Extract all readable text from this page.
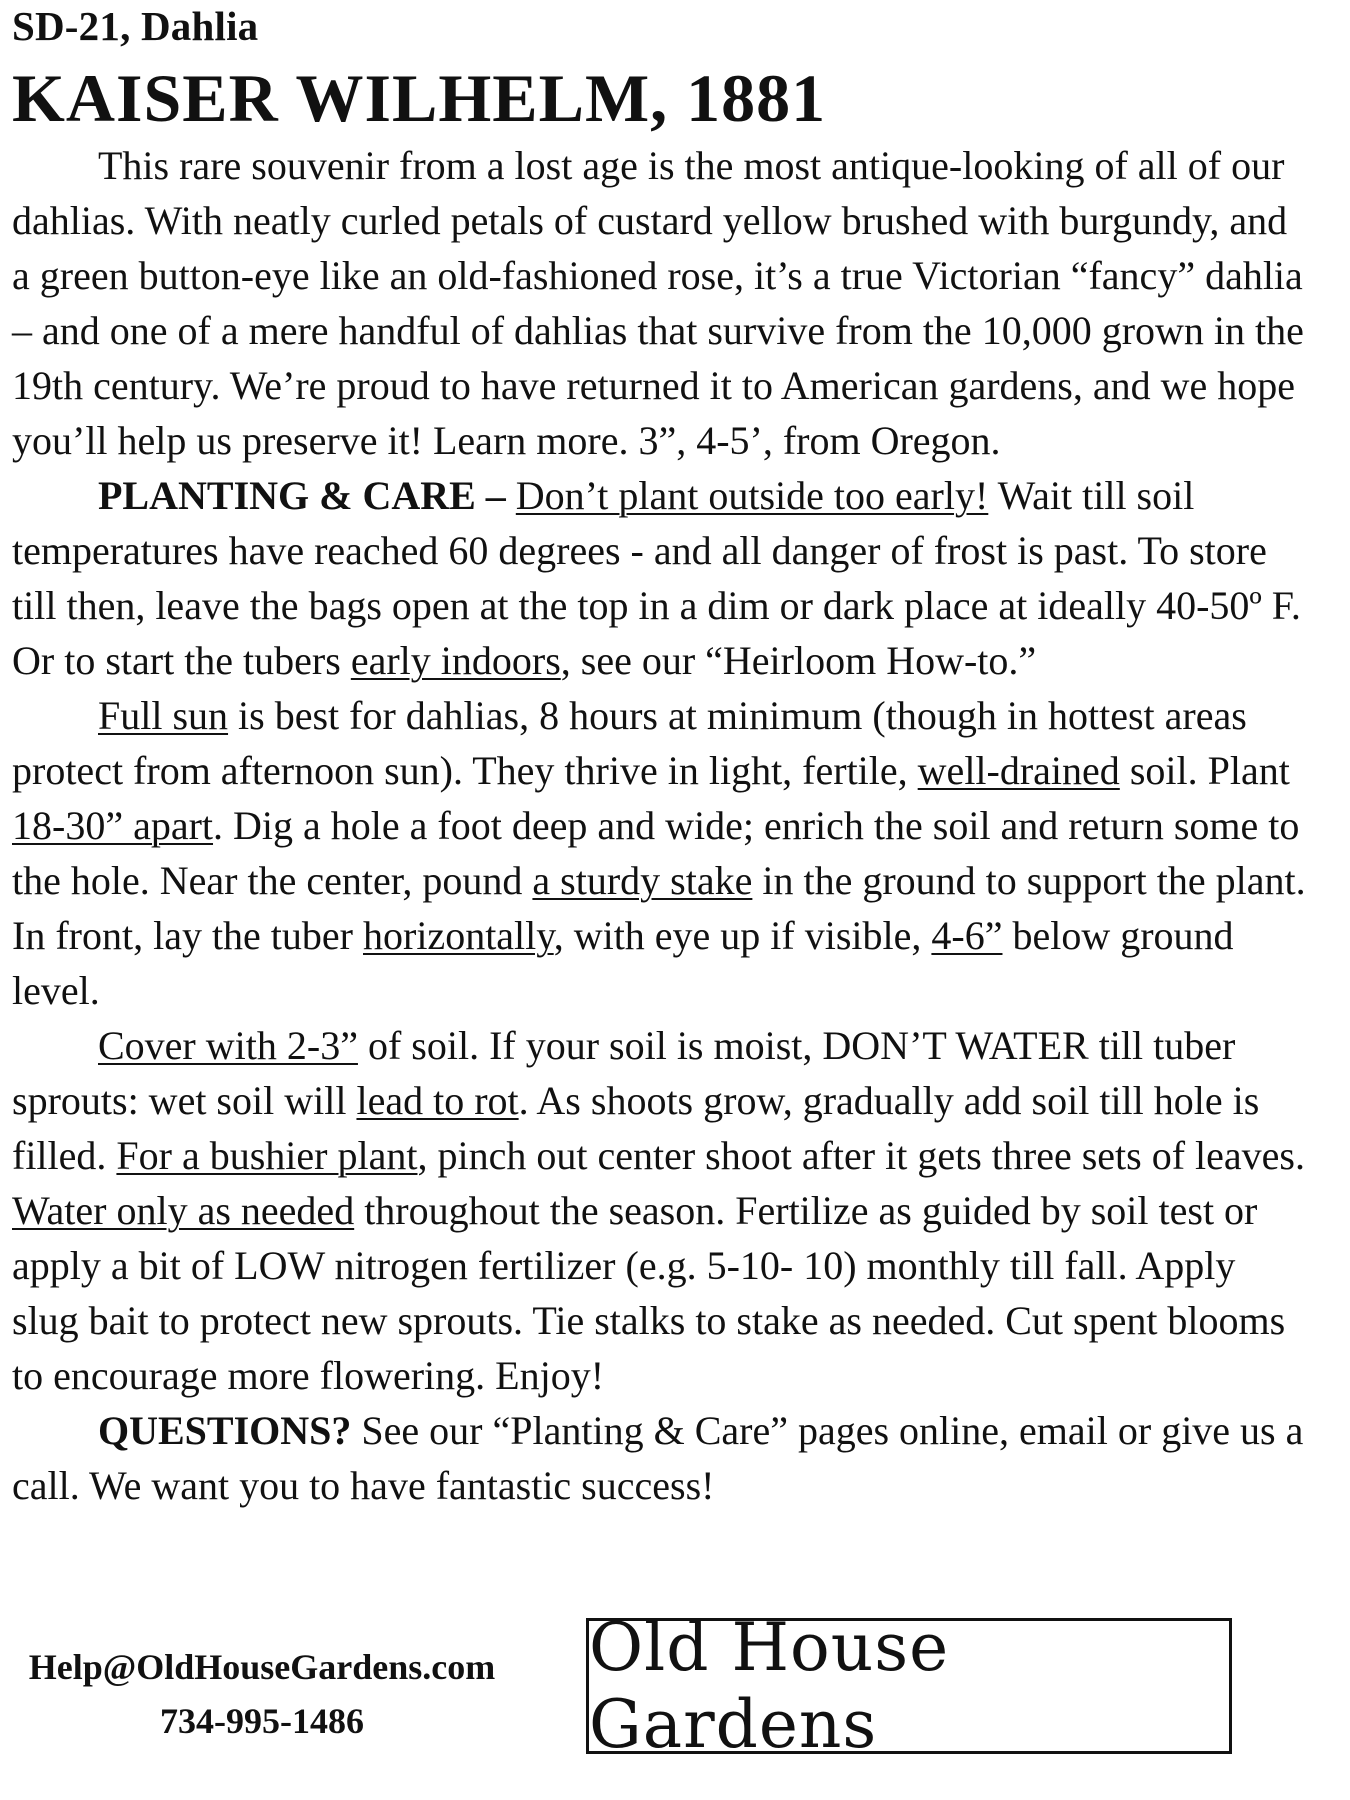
SD-21, Dahlia
KAISER WILHELM, 1881

This rare souvenir from a lost age is the most antique-looking of all of our dahlias. With neatly curled petals of custard yellow brushed with burgundy, and a green button-eye like an old-fashioned rose, it’s a true Victorian “fancy” dahlia – and one of a mere handful of dahlias that survive from the 10,000 grown in the 19th century. We’re proud to have returned it to American gardens, and we hope you’ll help us preserve it! Learn more. 3”, 4-5’, from Oregon.

PLANTING & CARE – Don’t plant outside too early! Wait till soil temperatures have reached 60 degrees - and all danger of frost is past. To store till then, leave the bags open at the top in a dim or dark place at ideally 40-50º F. Or to start the tubers early indoors, see our “Heirloom How-to.”

Full sun is best for dahlias, 8 hours at minimum (though in hottest areas protect from afternoon sun). They thrive in light, fertile, well-drained soil. Plant 18-30” apart. Dig a hole a foot deep and wide; enrich the soil and return some to the hole. Near the center, pound a sturdy stake in the ground to support the plant. In front, lay the tuber horizontally, with eye up if visible, 4-6” below ground level.

Cover with 2-3” of soil. If your soil is moist, DON’T WATER till tuber sprouts: wet soil will lead to rot. As shoots grow, gradually add soil till hole is filled. For a bushier plant, pinch out center shoot after it gets three sets of leaves. Water only as needed throughout the season. Fertilize as guided by soil test or apply a bit of LOW nitrogen fertilizer (e.g. 5-10- 10) monthly till fall. Apply slug bait to protect new sprouts. Tie stalks to stake as needed. Cut spent blooms to encourage more flowering. Enjoy!

QUESTIONS? See our “Planting & Care” pages online, email or give us a call. We want you to have fantastic success!

Help@OldHouseGardens.com
734-995-1486
Old House Gardens
